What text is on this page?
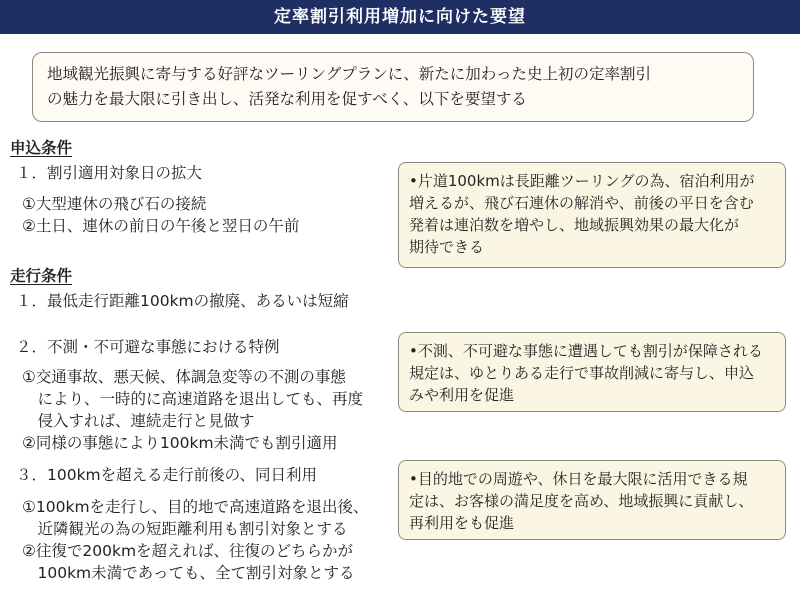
定率割引利用増加に向けた要望
地域観光振興に寄与する好評なツーリングプランに、新たに加わった史上初の定率割引
の魅力を最大限に引き出し、活発な利用を促すべく、以下を要望する
申込条件
１．割引適用対象日の拡大
①大型連休の飛び石の接続
②土日、連休の前日の午後と翌日の午前
•片道100kmは長距離ツーリングの為、宿泊利用が
増えるが、飛び石連休の解消や、前後の平日を含む
発着は連泊数を増やし、地域振興効果の最大化が
期待できる
走行条件
１．最低走行距離100kmの撤廃、あるいは短縮
２．不測・不可避な事態における特例
①交通事故、悪天候、体調急変等の不測の事態
　により、一時的に高速道路を退出しても、再度
　侵入すれば、連続走行と見做す
②同様の事態により100km未満でも割引適用
•不測、不可避な事態に遭遇しても割引が保障される
規定は、ゆとりある走行で事故削減に寄与し、申込
みや利用を促進
３．100kmを超える走行前後の、同日利用
①100kmを走行し、目的地で高速道路を退出後、
　近隣観光の為の短距離利用も割引対象とする
②往復で200kmを超えれば、往復のどちらかが
　100km未満であっても、全て割引対象とする
•目的地での周遊や、休日を最大限に活用できる規
定は、お客様の満足度を高め、地域振興に貢献し、
再利用をも促進
